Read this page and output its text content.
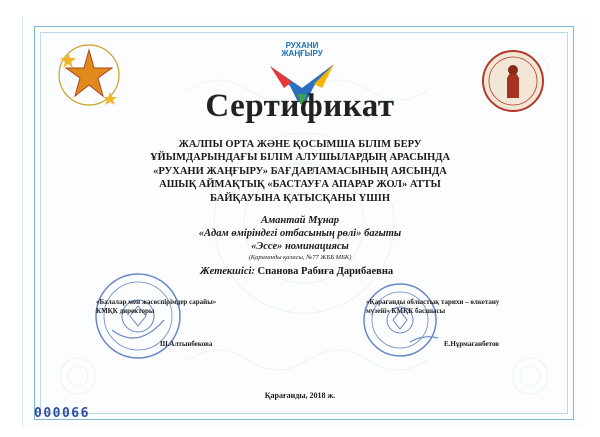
РУХАНИ
ЖАҢҒЫРУ
Сертификат
ЖАЛПЫ ОРТА ЖӘНЕ ҚОСЫМША БІЛІМ БЕРУ
ҰЙЫМДАРЫНДАҒЫ БІЛІМ АЛУШЫЛАРДЫҢ АРАСЫНДА
«РУХАНИ ЖАҢҒЫРУ» БАҒДАРЛАМАСЫНЫҢ АЯСЫНДА
АШЫҚ АЙМАҚТЫҚ «БАСТАУҒА АПАРАР ЖОЛ» АТТЫ
БАЙҚАУЫНА ҚАТЫСҚАНЫ ҮШІН
Амантай Мұнар
«Адам өміріндегі отбасының рөлі» бағыты
«Эссе» номинациясы
(Қарағанды қаласы, №77 ЖББ МБК)
Жетекшісі: Спанова Рабиға Дарибаевна
«Балалар мен жасөспірімдер сарайы»
КМҚК директоры
Ш.Алтынбекова
«Қарағанды облыстық тарихи – өлкетану
музейі» КМҚК басшысы
Е.Нұрмағанбетов
Қарағанды, 2018 ж.
000066
